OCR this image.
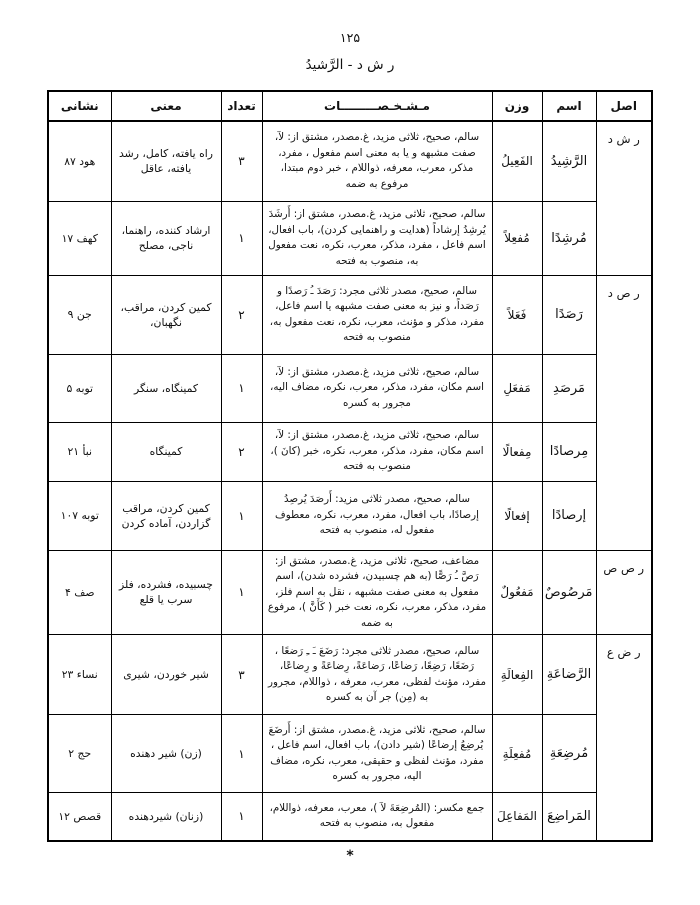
۱۲۵
ر ش د - الرَّشیدُ
اصل	اسم	وزن	مـشـخـصـــــــــات	تعداد	معنی	نشانی
ر ش د	الرَّشِیدُ	الفَعِیلُ	سالم، صحیح، ثلاثی مزید، غ.مصدر، مشتق از: ﻵ، صفت مشبهه و یا به معنی اسم مفعول ، مفرد، مذکر، معرب، معرفه، ذواللام ، خبر دوم مبتدا، مرفوع به ضمه	۳	راه یافته، کامل، رشد یافته، عاقل	هود ۸۷
	مُرشِدًا	مُفعِلاً	سالم، صحیح، ثلاثی مزید، غ.مصدر، مشتق از: أَرشَدَ یُرشِدُ إرشاداً (هدایت و راهنمایی کردن)، باب افعال، اسم فاعل ، مفرد، مذکر، معرب، نکره، نعت مفعول به، منصوب به فتحه	۱	ارشاد کننده، راهنما، ناجی، مصلح	کهف ۱۷
ر ص د	رَصَدًا	فَعَلاً	سالم، صحیح، مصدر ثلاثی مجرد: رَصَدَ ـُ رَصدًا و رَصَداً، و نیز به معنی صفت مشبهه یا اسم فاعل، مفرد، مذکر و مؤنث، معرب، نکره، نعت مفعول به، منصوب به فتحه	۲	کمین کردن، مراقب، نگهبان،	جن ۹
	مَرصَدِ	مَفعَلِ	سالم، صحیح، ثلاثی مزید، غ.مصدر، مشتق از: ﻵ، اسم مکان، مفرد، مذکر، معرب، نکره، مضاف الیه، مجرور به کسره	۱	کمینگاه، سنگر	توبه ۵
	مِرصادًا	مِفعالًا	سالم، صحیح، ثلاثی مزید، غ.مصدر، مشتق از: ﻵ، اسم مکان، مفرد، مذکر، معرب، نکره، خبر (کانَ )، منصوب به فتحه	۲	کمینگاه	نبأ ۲۱
	إرصادًا	إفعالًا	سالم، صحیح، مصدر ثلاثی مزید: أَرصَدَ یُرصِدُ إرصادًا، باب افعال، مفرد، معرب، نکره، معطوف مفعول له، منصوب به فتحه	۱	کمین کردن، مراقب گزاردن، آماده کردن	توبه ۱۰۷
ر ص ص	مَرصُوصٌ	مَفعُولٌ	مضاعف، صحیح، ثلاثی مزید، غ.مصدر، مشتق از: رَصَّ ـُ رَصًّا (به هم چسبیدن، فشرده شدن)، اسم مفعول به معنی صفت مشبهه ، نقل به اسم فلز، مفرد، مذکر، معرب، نکره، نعت خبر ( کَأَنَّ )، مرفوع به ضمه	۱	چسبیده، فشرده، فلز سرب یا قلع	صف ۴
ر ض ع	الرَّضاعَةِ	الفِعالَةِ	سالم، صحیح، مصدر ثلاثی مجرد: رَضَعَ ـَ ـِ رَضعًا ، رَضَعًا، رَضِعًا، رَضاعًا، رَضاعَةً، رِضاعَةً و رِضاعًا، مفرد، مؤنث لفظی، معرب، معرفه ، ذواللام، مجرور به (مِن) جر آن به کسره	۳	شیر خوردن، شیری	نساء ۲۳
	مُرضِعَةِ	مُفعِلَةِ	سالم، صحیح، ثلاثی مزید، غ.مصدر، مشتق از: أَرضَعَ یُرضِعُ إرضاعًا (شیر دادن)، باب افعال، اسم فاعل ، مفرد، مؤنث لفظی و حقیقی، معرب، نکره، مضاف الیه، مجرور به کسره	۱	(زن) شیر دهنده	حج ۲
	المَراضِعَ	المَفاعِلَ	جمع مکسر: (المُرضِعَةَ ﻵ )، معرب، معرفه، ذواللام، مفعول به، منصوب به فتحه	۱	(زنان) شیردهنده	قصص ۱۲
*
